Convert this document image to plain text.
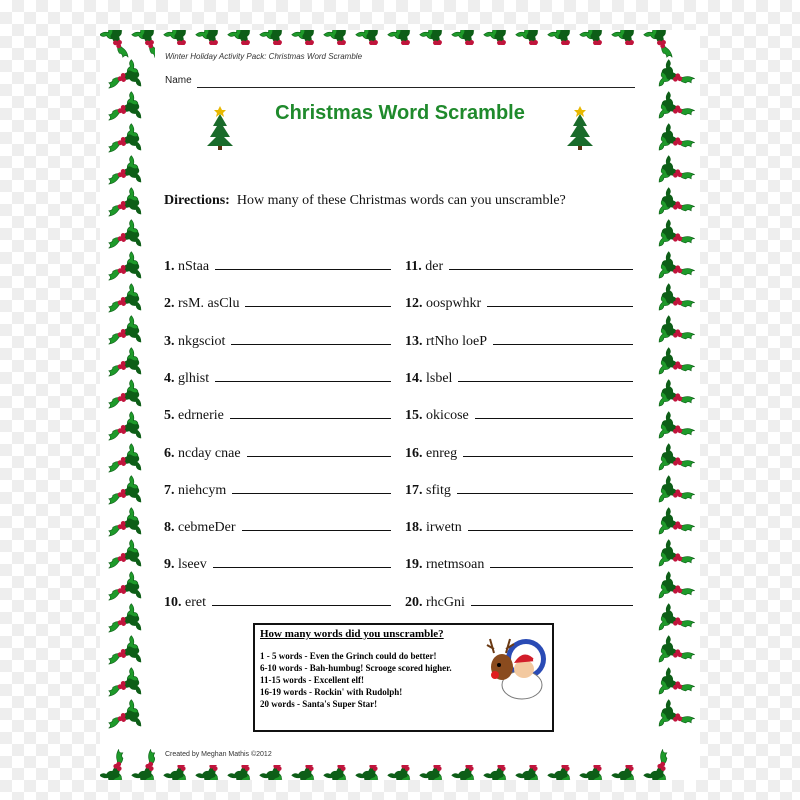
Winter Holiday Activity Pack: Christmas Word Scramble
Name
Christmas Word Scramble
Directions: How many of these Christmas words can you unscramble?
1. nStaa
2. rsM. asClu
3. nkgsciot
4. glhist
5. edrnerie
6. ncday cnae
7. niehcym
8. cebmeDer
9. lseev
10. eret
11. der
12. oospwhkr
13. rtNho loeP
14. lsbel
15. okicose
16. enreg
17. sfitg
18. irwetn
19. rnetmsoan
20. rhcGni
How many words did you unscramble?
1 - 5 words - Even the Grinch could do better!
6-10 words - Bah-humbug! Scrooge scored higher.
11-15 words - Excellent elf!
16-19 words - Rockin' with Rudolph!
20 words - Santa's Super Star!
Created by Meghan Mathis ©2012
